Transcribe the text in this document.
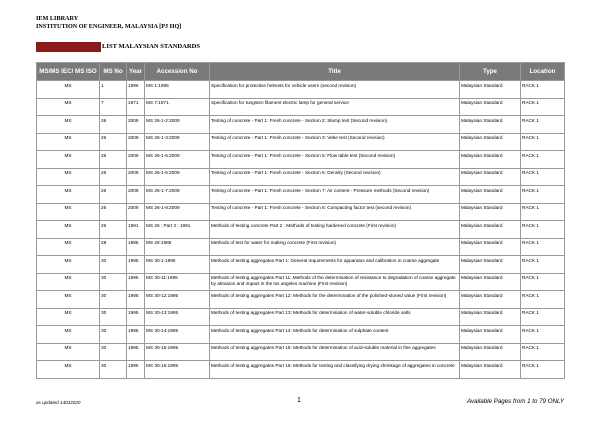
IEM LIBRARY
INSTITUTION OF ENGINEER, MALAYSIA [PJ HQ]
LIST MALAYSIAN STANDARDS
MS/MS IEC/ MS ISO	MS No	Year	Accession No	Title	Type	Location
MS	1	1996	MS 1:1996	Specification for protective helmets for vehicle users (second revision)	Malaysian Standard	RACK 1
MS	7	1971	MS 7:1971	Specification for tungsten filament electric lamp for general service	Malaysian Standard	RACK 1
MS	26	2009	MS 26-1-2:2009	Testing of concrete - Part 1: Fresh concrete - Section 2: Slump test (Second revision)	Malaysian Standard	RACK 1
MS	26	2009	MS 26-1-3:2009	Testing of concrete - Part 1: Fresh concrete - Section 3: Vebe test (Second revision)	Malaysian Standard	RACK 1
MS	26	2009	MS 26-1-5:2009	Testing of concrete - Part 1: Fresh concrete - Section 5: Flow table test (Second revision)	Malaysian Standard	RACK 1
MS	26	2009	MS 26-1-6:2009	Testing of concrete - Part 1: Fresh concrete - Section 6: Density (Second revision)	Malaysian Standard	RACK 1
MS	26	2009	MS 26-1-7:2009	Testing of concrete - Part 1: Fresh concrete - Section 7: Air content - Pressure methods (Second revision)	Malaysian Standard	RACK 1
MS	26	2009	MS 26-1-8:2009	Testing of concrete - Part 1: Fresh concrete - Section 8: Compacting factor test (second revision)	Malaysian Standard	RACK 1
MS	26	1991	MS 26 : Part 3 : 1991	Methods of testing concrete Part 2 : Methods of testing hardened concrete (First revision)	Malaysian Standard	RACK 1
MS	28	1985	MS 28:1985	Methods of test for water for making concrete (First revision)	Malaysian Standard	RACK 1
MS	30	1995	MS 30-1:1995	Methods of testing aggregates Part 1: General requirements for apparatus and calibration in coarse aggregate	Malaysian Standard	RACK 1
MS	30	1995	MS 30-11:1995	Methods of testing aggregates Part 11: Methods of the determination of resistance to degradation of coarse aggregate by abrasion and impact in the los angeles machine (First revision)	Malaysian Standard	RACK 1
MS	30	1995	MS 30-12:1995	Methods of testing aggregates Part 12: Methods for the determination of the polished-stoned value (First revision)	Malaysian Standard	RACK 1
MS	30	1995	MS 30-13:1995	Methods of testing aggregates Part 13: Methods for determination of water-soluble chloride salts	Malaysian Standard	RACK 1
MS	30	1995	MS 30-14:1995	Methods of testing aggregates Part 14: Methods for determination of sulphate content	Malaysian Standard	RACK 1
MS	30	1995	MS 30-15:1995	Methods of testing aggregates Part 15: Methods for determination of acid-soluble material in fine aggregates	Malaysian Standard	RACK 1
MS	30	1995	MS 30-16:1995	Methods of testing aggregates Part 16: Methods for testing and classifying drying shrinkage of aggregates in concrete	Malaysian Standard	RACK 1
as updated 14032020	1	Available Pages from 1 to 79 ONLY
